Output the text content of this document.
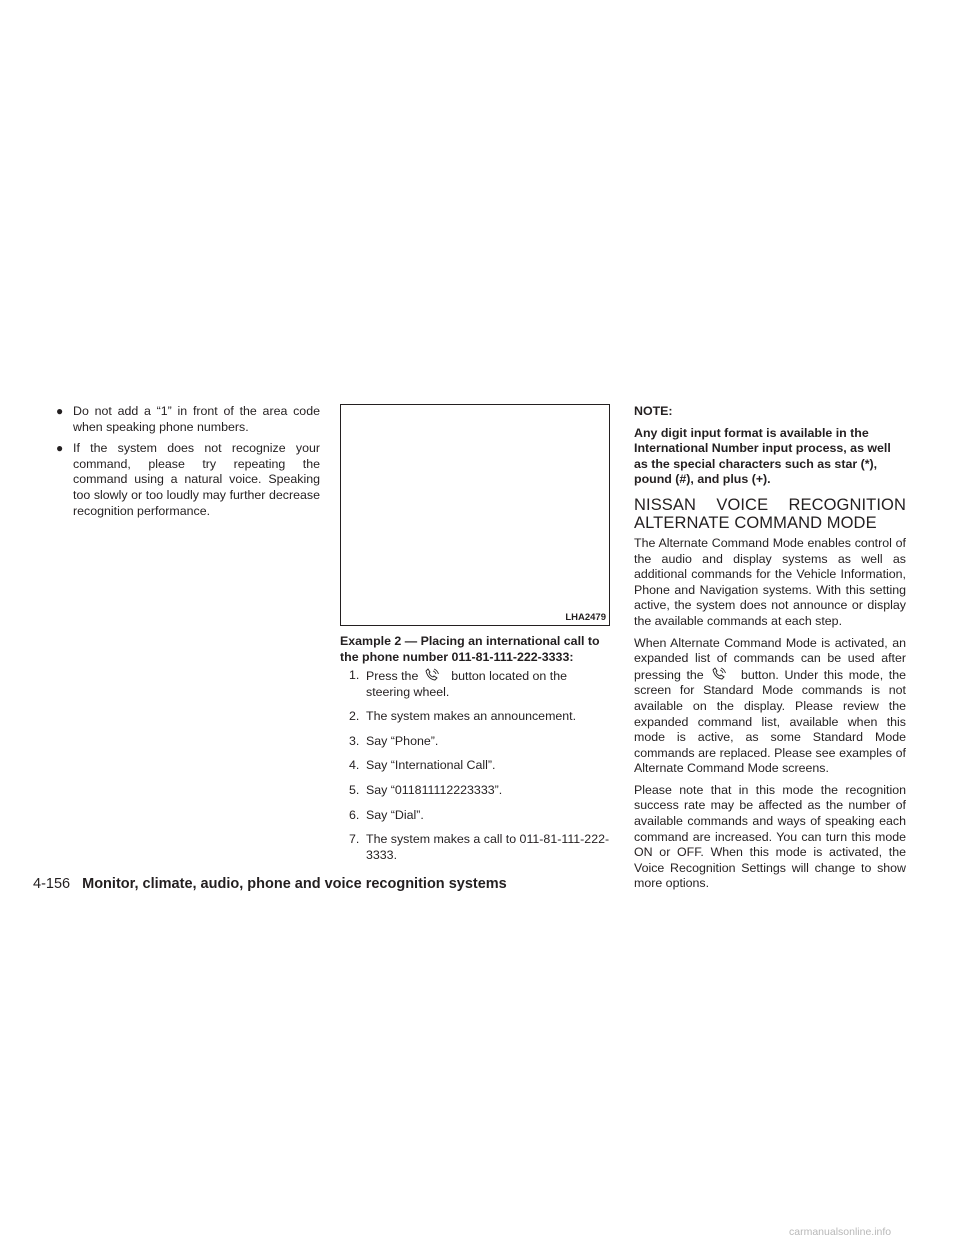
● Do not add a “1” in front of the area code when speaking phone numbers.
● If the system does not recognize your command, please try repeating the command using a natural voice. Speaking too slowly or too loudly may further decrease recognition performance.
LHA2479
Example 2 — Placing an international call to the phone number 011-81-111-222-3333:
1. Press the	button located on the steering wheel.
2. The system makes an announcement.
3. Say “Phone”.
4. Say “International Call”.
5. Say “011811112223333”.
6. Say “Dial”.
7. The system makes a call to 011-81-111-222-3333.
NOTE:
Any digit input format is available in the International Number input process, as well as the special characters such as star (*), pound (#), and plus (+).
NISSAN VOICE RECOGNITION ALTERNATE COMMAND MODE

The Alternate Command Mode enables control of the audio and display systems as well as additional commands for the Vehicle Information, Phone and Navigation systems. With this setting active, the system does not announce or display the available commands at each step.

When Alternate Command Mode is activated, an expanded list of commands can be used after pressing the	button. Under this mode, the screen for Standard Mode commands is not available on the display. Please review the expanded command list, available when this mode is active, as some Standard Mode commands are replaced. Please see examples of Alternate Command Mode screens.

Please note that in this mode the recognition success rate may be affected as the number of available commands and ways of speaking each command are increased. You can turn this mode ON or OFF. When this mode is activated, the Voice Recognition Settings will change to show more options.

4-156 Monitor, climate, audio, phone and voice recognition systems
carmanualsonline.info
